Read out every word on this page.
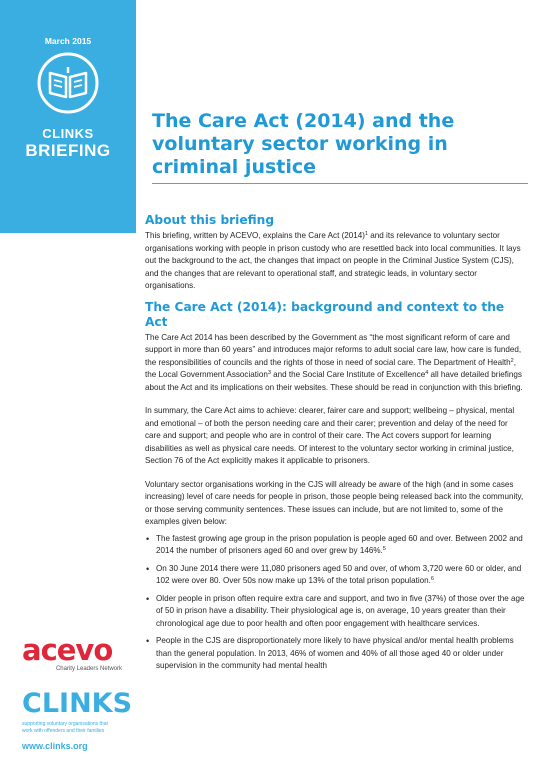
March 2015
CLINKS
BRIEFING
The Care Act (2014) and the voluntary sector working in criminal justice
About this briefing

This briefing, written by ACEVO, explains the Care Act $(2014)^1$ and its relevance to voluntary sector organisations working with people in prison custody who are resettled back into local communities. It lays out the background to the act, the changes that impact on people in the Criminal Justice System (CJS), and the changes that are relevant to operational staff, and strategic leads, in voluntary sector organisations.

The Care Act (2014): background and context to the Act

The Care Act 2014 has been described by the Government as “the most significant reform of care and support in more than 60 years” and introduces major reforms to adult social care law, how care is funded, the responsibilities of councils and the rights of those in need of social care. The Department of Health$^2$, the Local Government Association$^3$ and the Social Care Institute of Excellence$^4$ all have detailed briefings about the Act and its implications on their websites. These should be read in conjunction with this briefing.

In summary, the Care Act aims to achieve: clearer, fairer care and support; wellbeing – physical, mental and emotional – of both the person needing care and their carer; prevention and delay of the need for care and support; and people who are in control of their care. The Act covers support for learning disabilities as well as physical care needs. Of interest to the voluntary sector working in criminal justice, Section 76 of the Act explicitly makes it applicable to prisoners.

Voluntary sector organisations working in the CJS will already be aware of the high (and in some cases increasing) level of care needs for people in prison, those people being released back into the community, or those serving community sentences. These issues can include, but are not limited to, some of the examples given below:

• The fastest growing age group in the prison population is people aged 60 and over. Between 2002 and 2014 the number of prisoners aged 60 and over grew by 146%.$^5$
• On 30 June 2014 there were 11,080 prisoners aged 50 and over, of whom 3,720 were 60 or older, and 102 were over 80. Over 50s now make up 13% of the total prison population.$^6$
• Older people in prison often require extra care and support, and two in five (37%) of those over the age of 50 in prison have a disability. Their physiological age is, on average, 10 years greater than their chronological age due to poor health and often poor engagement with healthcare services.
• People in the CJS are disproportionately more likely to have physical and/or mental health problems than the general population. In 2013, 46% of women and 40% of all those aged 40 or older under supervision in the community had mental health
acevo
Charity Leaders Network
CLINKS
supporting voluntary organisations that
work with offenders and their families
www.clinks.org
